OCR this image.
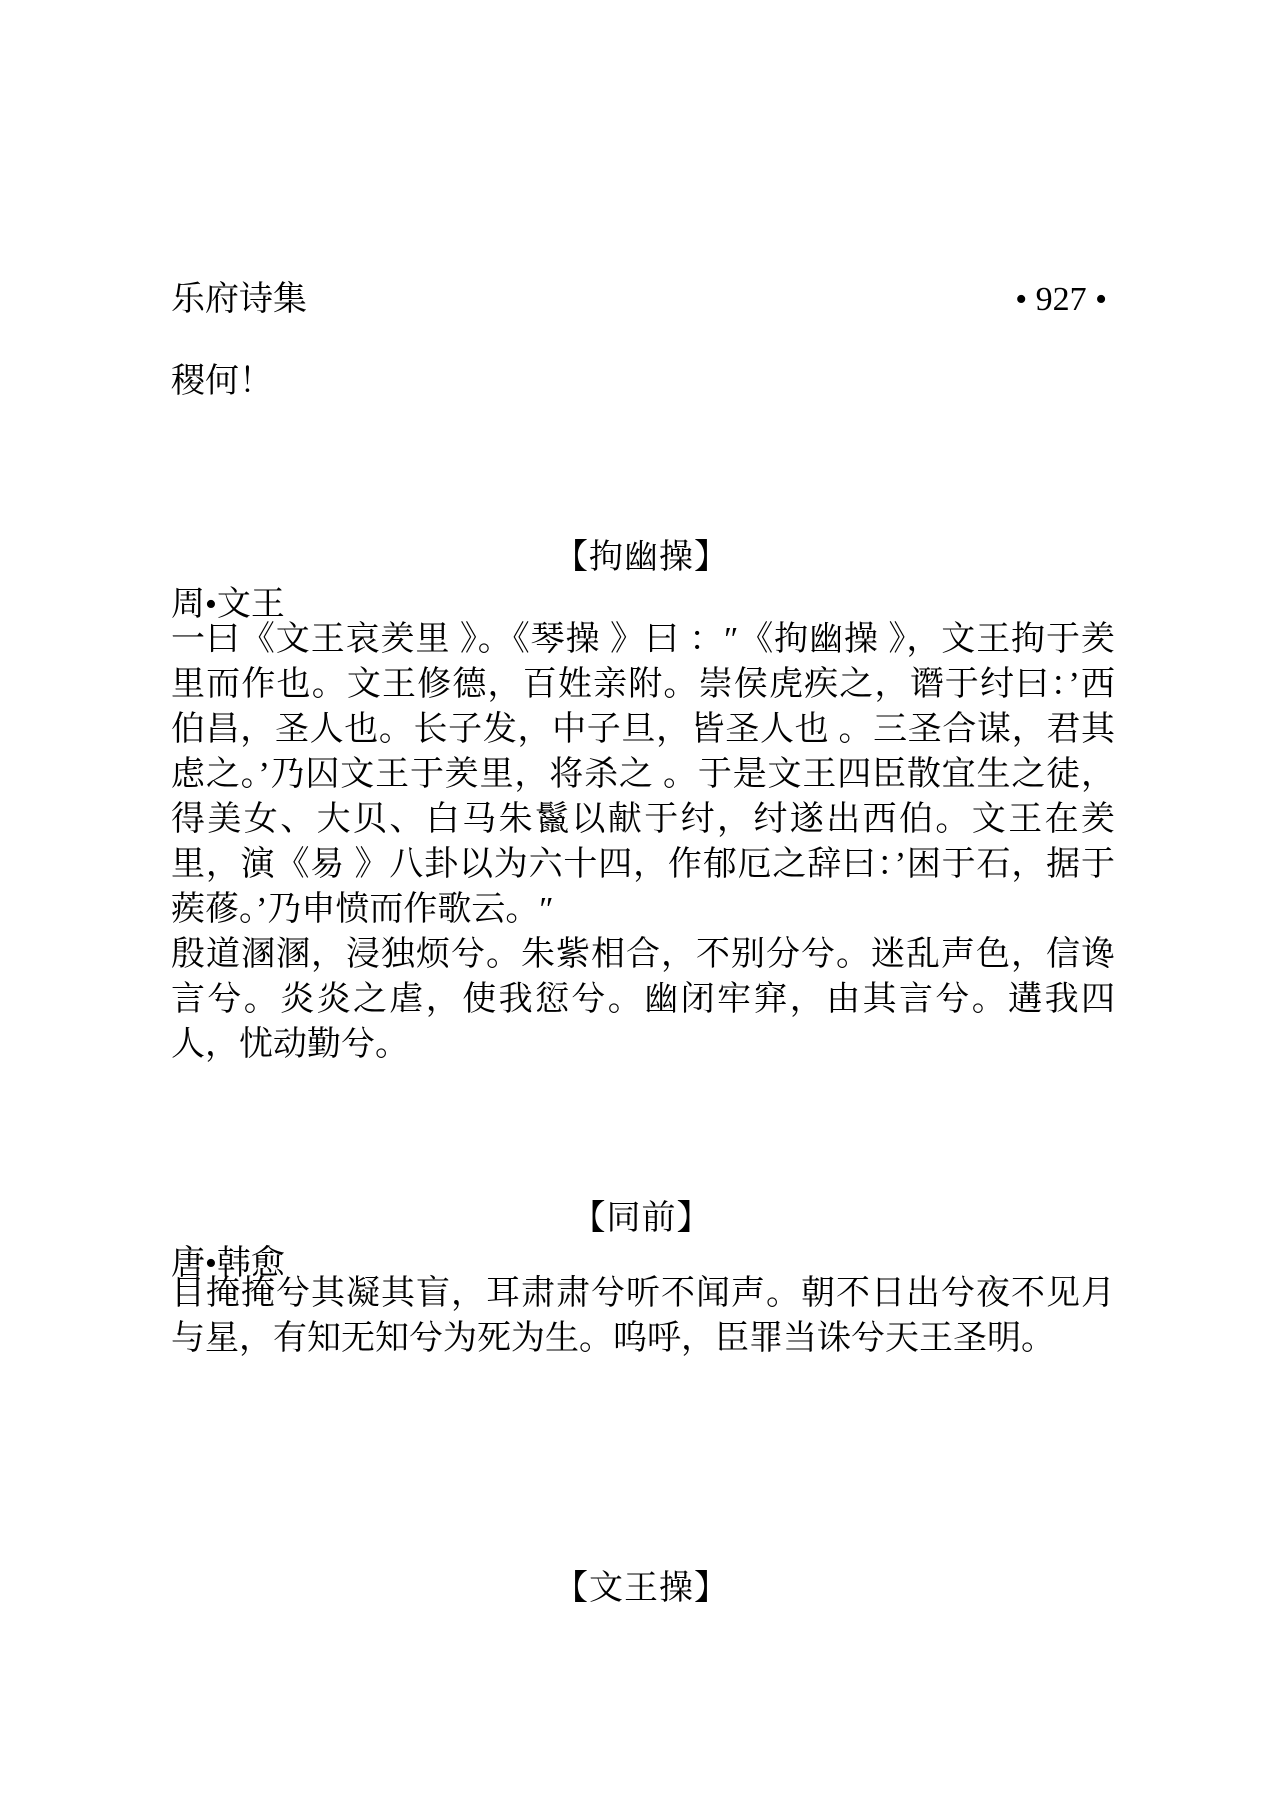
乐府诗集	• 927 •
稷何！
【拘幽操】
周•文王
一曰《文王哀羑里 》。《琴操 》曰 ：″《拘幽操 》，文王拘于羑里而作也。文王修德，百姓亲附。崇侯虎疾之，谮于纣曰：’西伯昌，圣人也。长子发，中子旦，皆圣人也 。三圣合谋，君其虑之。’乃囚文王于羑里，将杀之 。于是文王四臣散宜生之徒，得美女、大贝、白马朱鬣以献于纣，纣遂出西伯。文王在羑里，演《易 》八卦以为六十四，作郁厄之辞曰：’困于石，据于蒺蓚。’乃申愤而作歌云。″
殷道溷溷，浸独烦兮。朱紫相合，不别分兮。迷乱声色，信谗言兮。炎炎之虐，使我愆兮。幽闭牢穽，由其言兮。遘我四人，忧动勤兮。
【同前】
唐•韩愈
目掩掩兮其凝其盲，耳肃肃兮听不闻声。朝不日出兮夜不见月与星，有知无知兮为死为生。呜呼，臣罪当诛兮天王圣明。
【文王操】
